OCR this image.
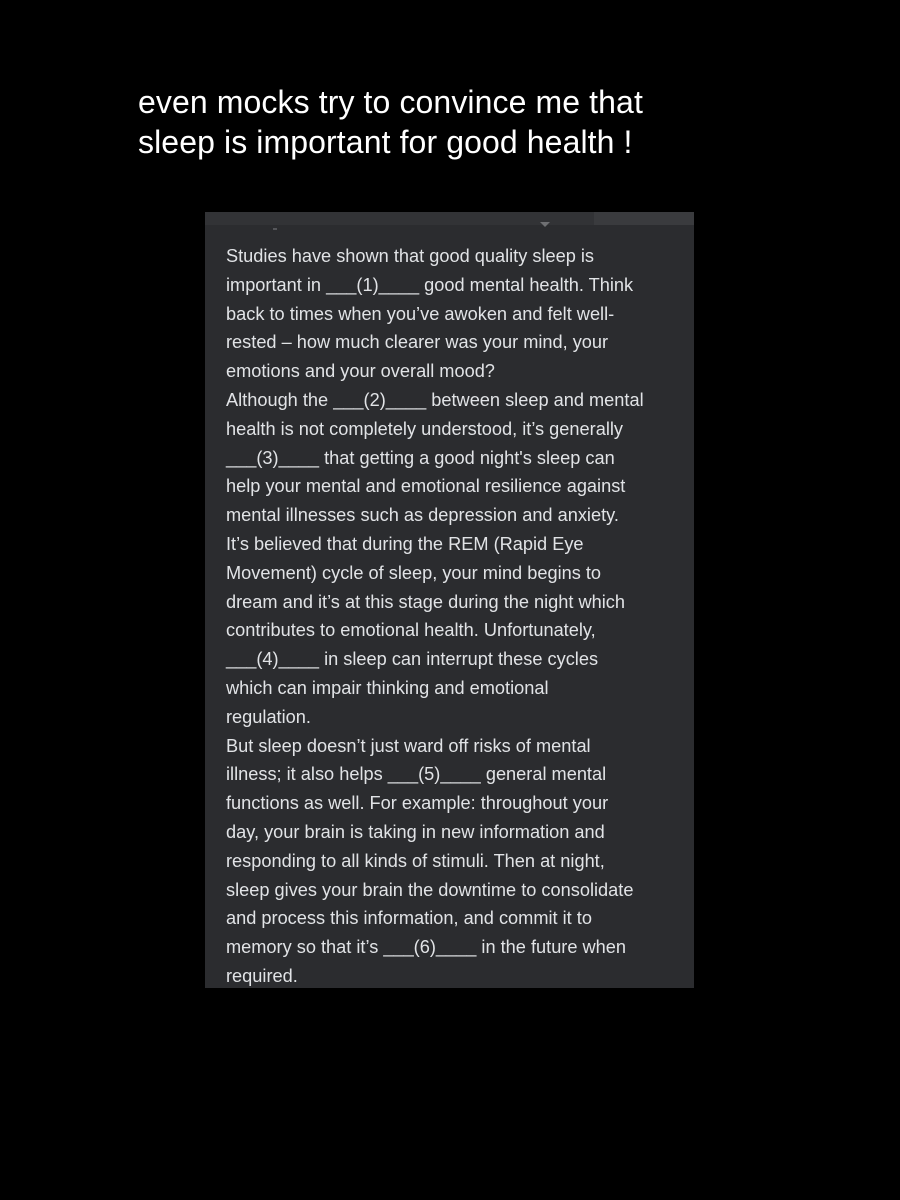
even mocks try to convince me that
sleep is important for good health !
Studies have shown that good quality sleep is
important in ___(1)____ good mental health. Think
back to times when you’ve awoken and felt well-
rested – how much clearer was your mind, your
emotions and your overall mood?
Although the ___(2)____ between sleep and mental
health is not completely understood, it’s generally
___(3)____ that getting a good night's sleep can
help your mental and emotional resilience against
mental illnesses such as depression and anxiety.
It’s believed that during the REM (Rapid Eye
Movement) cycle of sleep, your mind begins to
dream and it’s at this stage during the night which
contributes to emotional health. Unfortunately,
___(4)____ in sleep can interrupt these cycles
which can impair thinking and emotional
regulation.
But sleep doesn’t just ward off risks of mental
illness; it also helps ___(5)____ general mental
functions as well. For example: throughout your
day, your brain is taking in new information and
responding to all kinds of stimuli. Then at night,
sleep gives your brain the downtime to consolidate
and process this information, and commit it to
memory so that it’s ___(6)____ in the future when
required.
